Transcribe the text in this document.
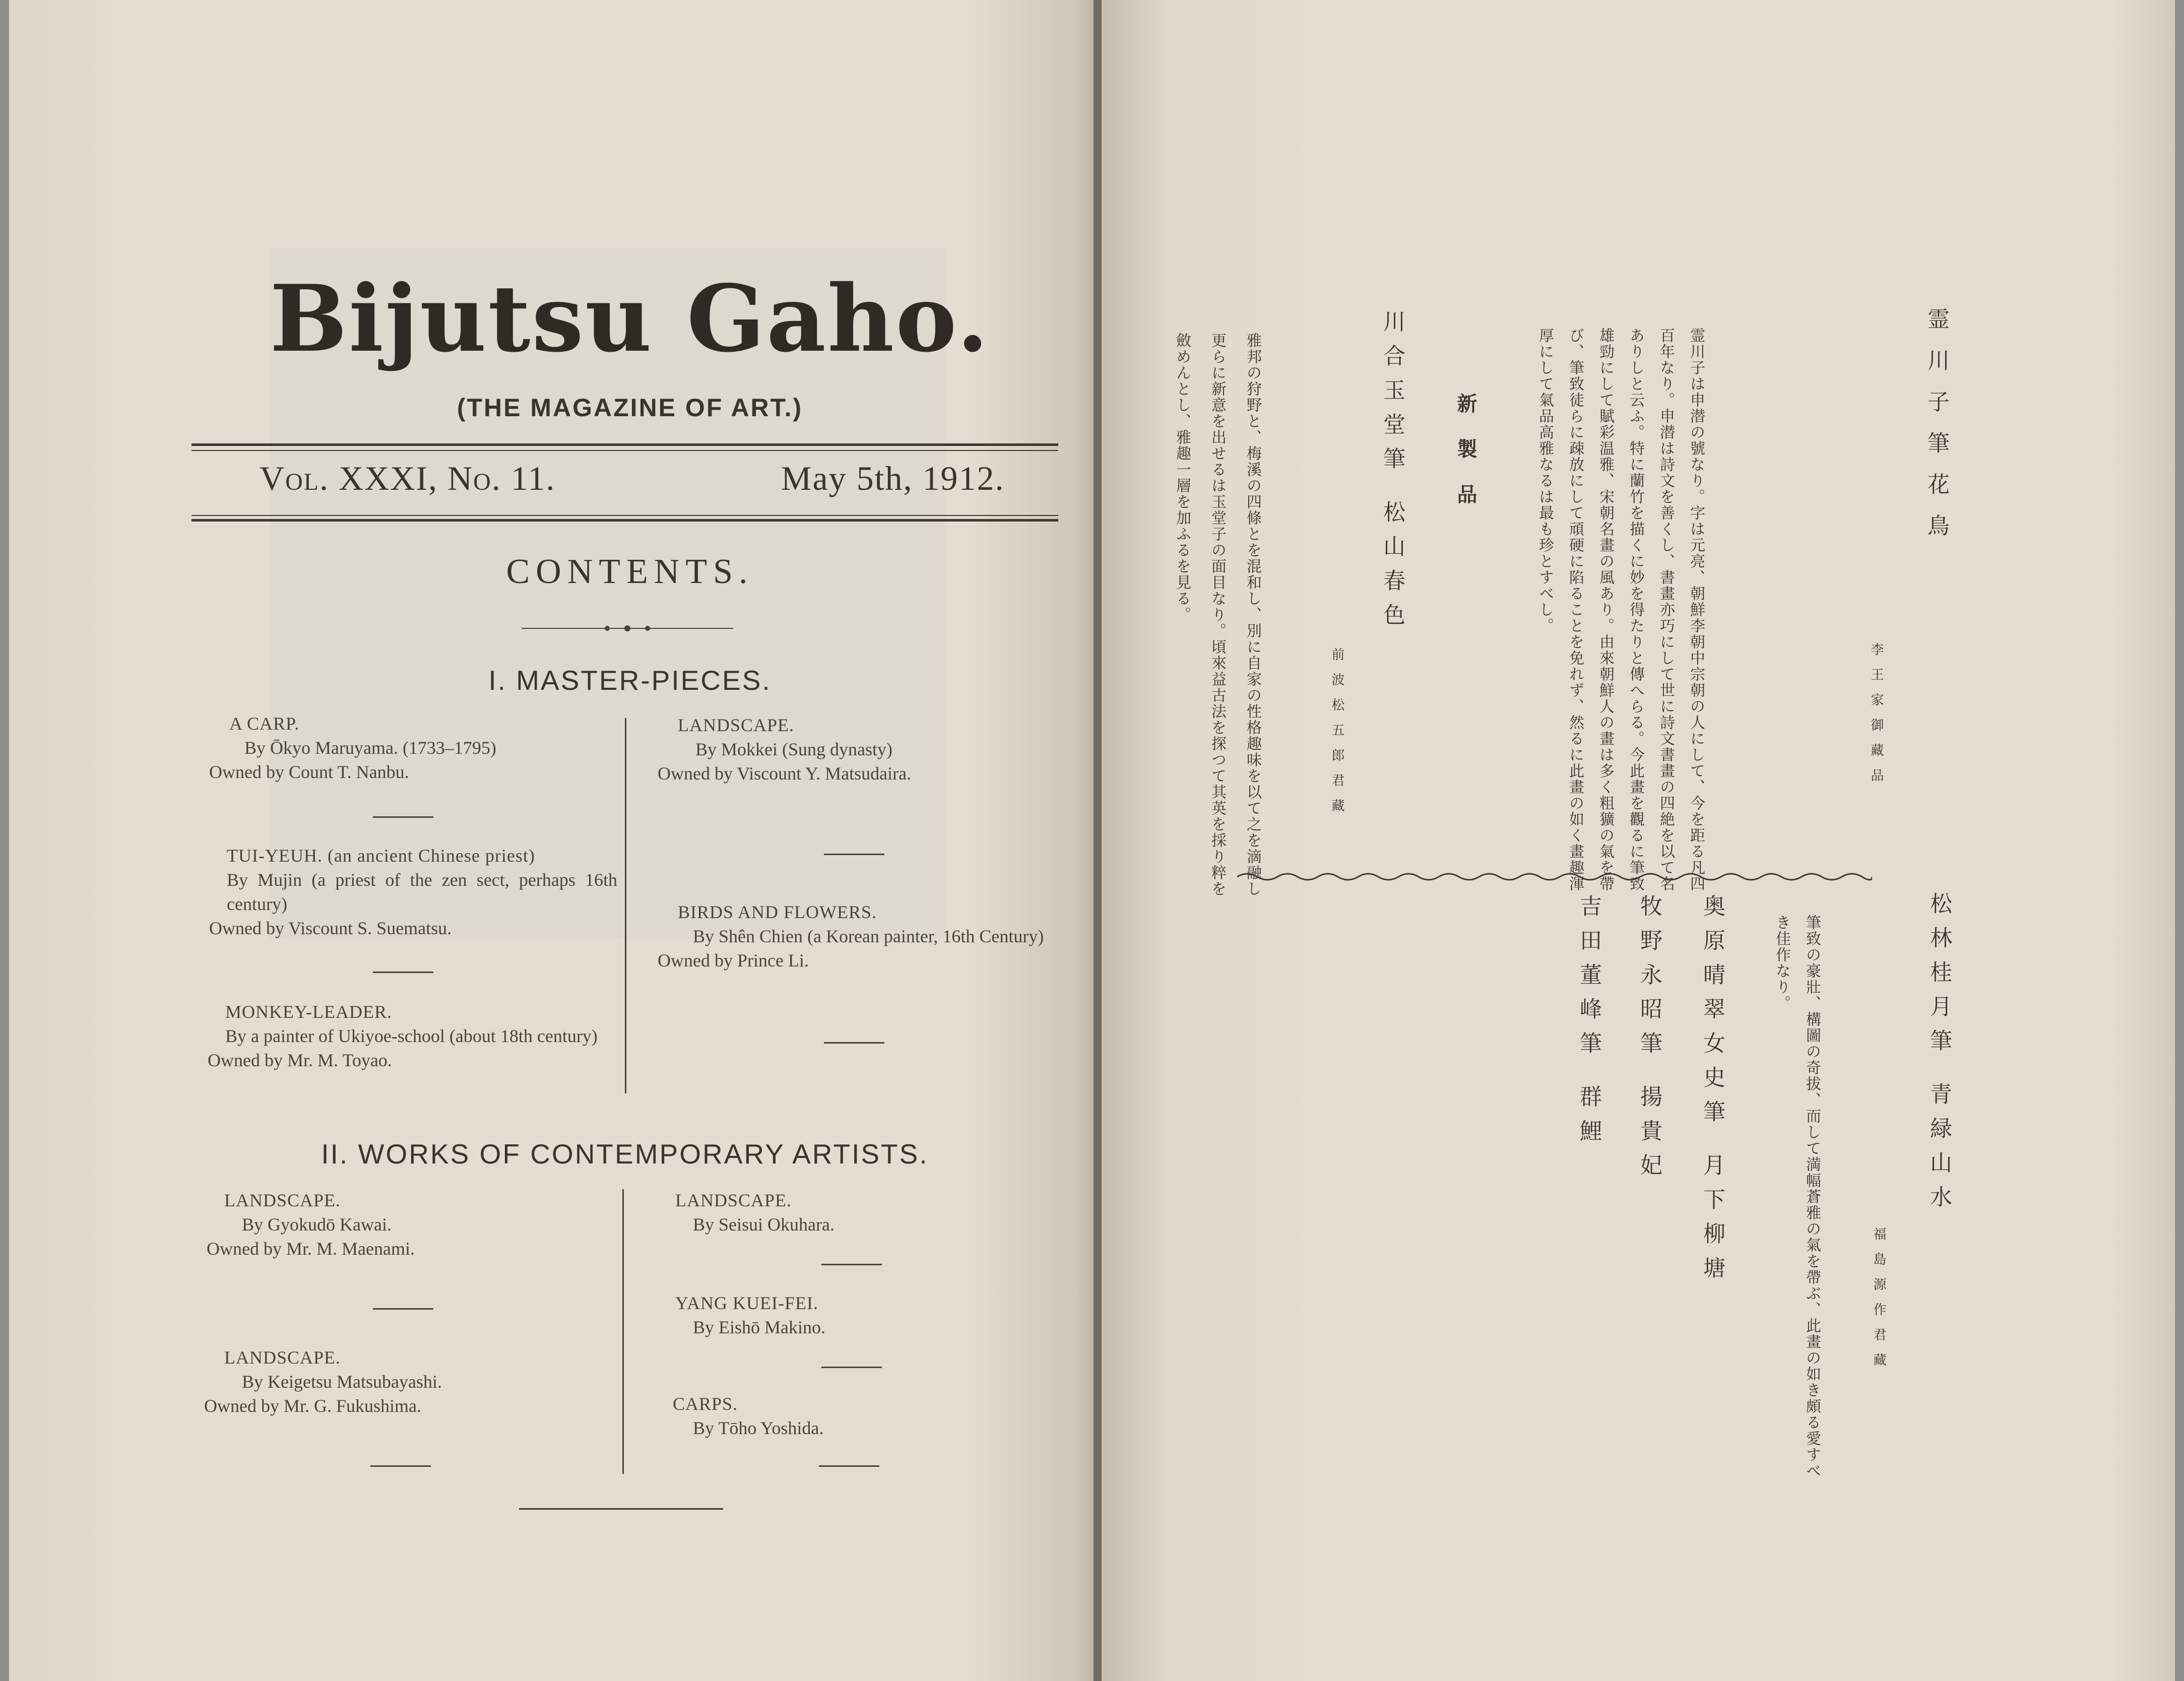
Bijutsu Gaho.
(THE MAGAZINE OF ART.)
Vol. XXXI, No. 11.	May 5th, 1912.
CONTENTS.
I. MASTER-PIECES.
A CARP.
By Ōkyo Maruyama. (1733–1795)
Owned by Count T. Nanbu.
TUI-YEUH. (an ancient Chinese priest)
By Mujin (a priest of the zen sect, perhaps 16th century)
Owned by Viscount S. Suematsu.
MONKEY-LEADER.
By a painter of Ukiyoe-school (about 18th century)
Owned by Mr. M. Toyao.
LANDSCAPE.
By Mokkei (Sung dynasty)
Owned by Viscount Y. Matsudaira.
BIRDS AND FLOWERS.
By Shên Chien (a Korean painter, 16th Century)
Owned by Prince Li.
II. WORKS OF CONTEMPORARY ARTISTS.
LANDSCAPE.
By Gyokudō Kawai.
Owned by Mr. M. Maenami.
LANDSCAPE.
By Keigetsu Matsubayashi.
Owned by Mr. G. Fukushima.
LANDSCAPE.
By Seisui Okuhara.
YANG KUEI-FEI.
By Eishō Makino.
CARPS.
By Tōho Yoshida.
霊川子筆花鳥
李王家御藏品
霊川子は申潜の號なり。字は元亮、朝鮮李朝中宗朝の人にして、今を距る凡四
百年なり。申潜は詩文を善くし、書畫亦巧にして世に詩文書畫の四絶を以て名
ありしと云ふ。特に蘭竹を描くに妙を得たりと傳へらる。今此畫を觀るに筆致
雄勁にして賦彩温雅、宋朝名畫の風あり。由來朝鮮人の畫は多く粗獷の氣を帶
び、筆致徒らに疎放にして頑硬に陷ることを免れず、然るに此畫の如く畫趣渾
厚にして氣品高雅なるは最も珍とすべし。
新製品
川合玉堂筆 松山春色
前波松五郎君藏
雅邦の狩野と、梅溪の四條とを混和し、別に自家の性格趣味を以て之を滴融し
更らに新意を出せるは玉堂子の面目なり。頃來益古法を探つて其英を採り粹を
斂めんとし、雅趣一層を加ふるを見る。
松林桂月筆 青緑山水
福島源作君藏
筆致の豪壯、構圖の奇拔、而して満幅蒼雅の氣を帶ぶ、此畫の如き頗る愛すべ
き佳作なり。
奥原晴翠女史筆 月下柳塘
牧野永昭筆 揚貴妃
吉田董峰筆 群鯉
